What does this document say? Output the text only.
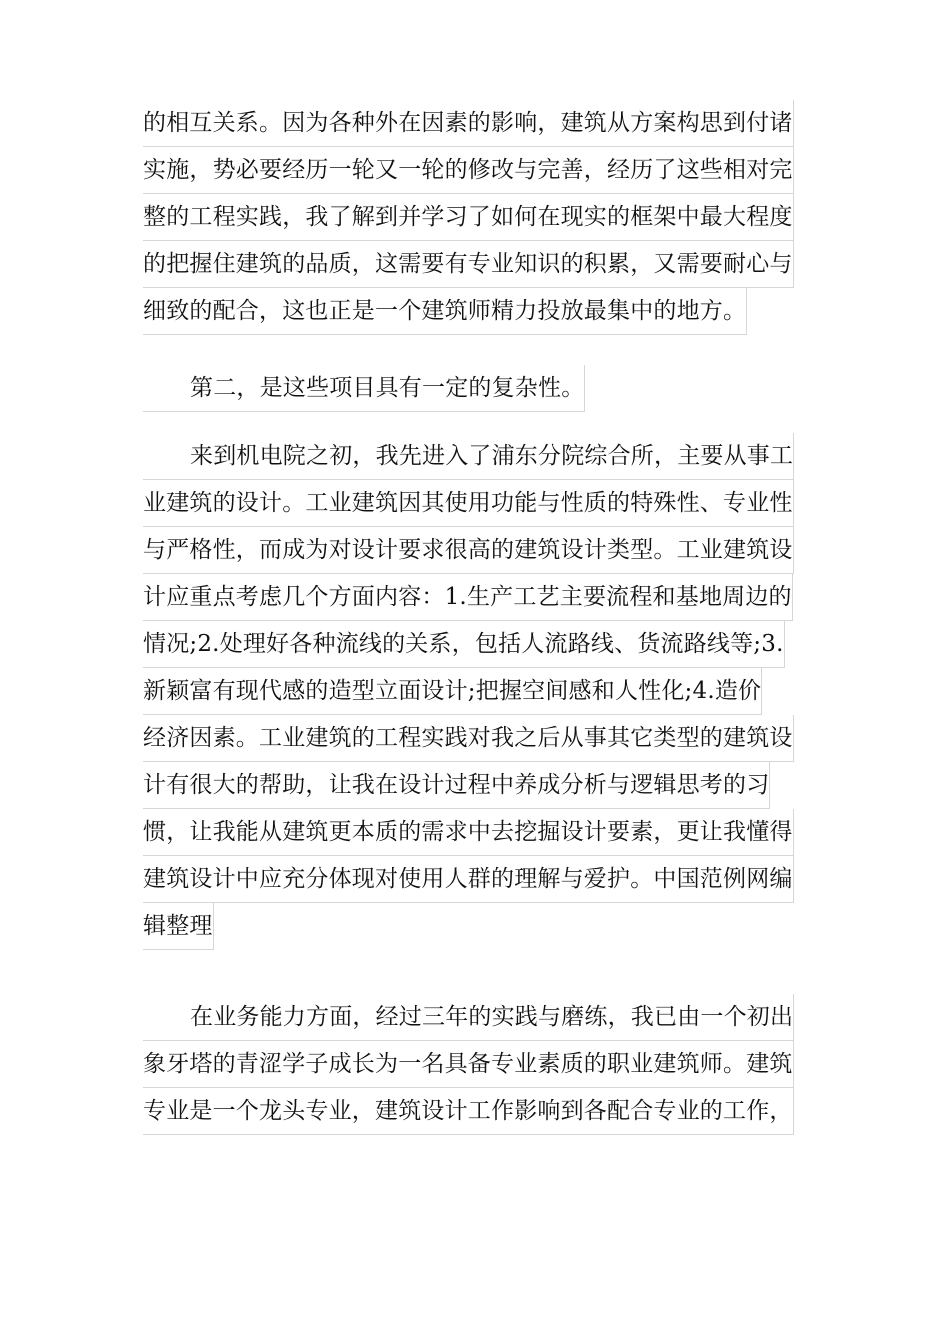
的相互关系。因为各种外在因素的影响，建筑从方案构思到付诸
实施，势必要经历一轮又一轮的修改与完善，经历了这些相对完
整的工程实践，我了解到并学习了如何在现实的框架中最大程度
的把握住建筑的品质，这需要有专业知识的积累，又需要耐心与
细致的配合，这也正是一个建筑师精力投放最集中的地方。
第二，是这些项目具有一定的复杂性。
来到机电院之初，我先进入了浦东分院综合所，主要从事工
业建筑的设计。工业建筑因其使用功能与性质的特殊性、专业性
与严格性，而成为对设计要求很高的建筑设计类型。工业建筑设
计应重点考虑几个方面内容：1.生产工艺主要流程和基地周边的
情况;2.处理好各种流线的关系，包括人流路线、货流路线等;3.
新颖富有现代感的造型立面设计;把握空间感和人性化;4.造价
经济因素。工业建筑的工程实践对我之后从事其它类型的建筑设
计有很大的帮助，让我在设计过程中养成分析与逻辑思考的习
惯，让我能从建筑更本质的需求中去挖掘设计要素，更让我懂得
建筑设计中应充分体现对使用人群的理解与爱护。中国范例网编
辑整理
在业务能力方面，经过三年的实践与磨练，我已由一个初出
象牙塔的青涩学子成长为一名具备专业素质的职业建筑师。建筑
专业是一个龙头专业，建筑设计工作影响到各配合专业的工作，
